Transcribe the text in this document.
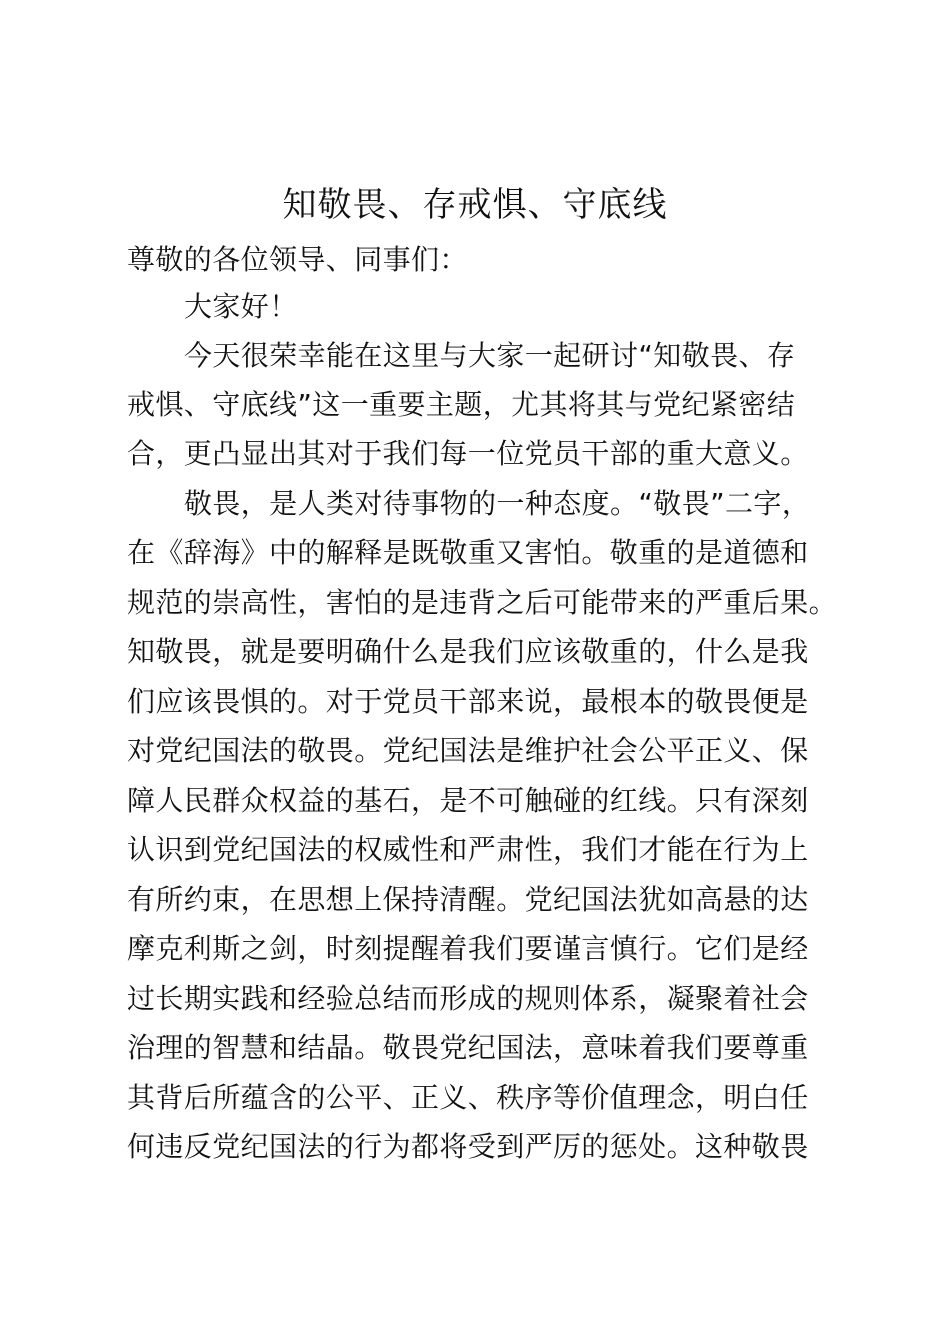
知敬畏、存戒惧、守底线
尊敬的各位领导、同事们：
大家好！
今天很荣幸能在这里与大家一起研讨“知敬畏、存
戒惧、守底线”这一重要主题，尤其将其与党纪紧密结
合，更凸显出其对于我们每一位党员干部的重大意义。
敬畏，是人类对待事物的一种态度。“敬畏”二字，
在《辞海》中的解释是既敬重又害怕。敬重的是道德和
规范的崇高性，害怕的是违背之后可能带来的严重后果。
知敬畏，就是要明确什么是我们应该敬重的，什么是我
们应该畏惧的。对于党员干部来说，最根本的敬畏便是
对党纪国法的敬畏。党纪国法是维护社会公平正义、保
障人民群众权益的基石，是不可触碰的红线。只有深刻
认识到党纪国法的权威性和严肃性，我们才能在行为上
有所约束，在思想上保持清醒。党纪国法犹如高悬的达
摩克利斯之剑，时刻提醒着我们要谨言慎行。它们是经
过长期实践和经验总结而形成的规则体系，凝聚着社会
治理的智慧和结晶。敬畏党纪国法，意味着我们要尊重
其背后所蕴含的公平、正义、秩序等价值理念，明白任
何违反党纪国法的行为都将受到严厉的惩处。这种敬畏
